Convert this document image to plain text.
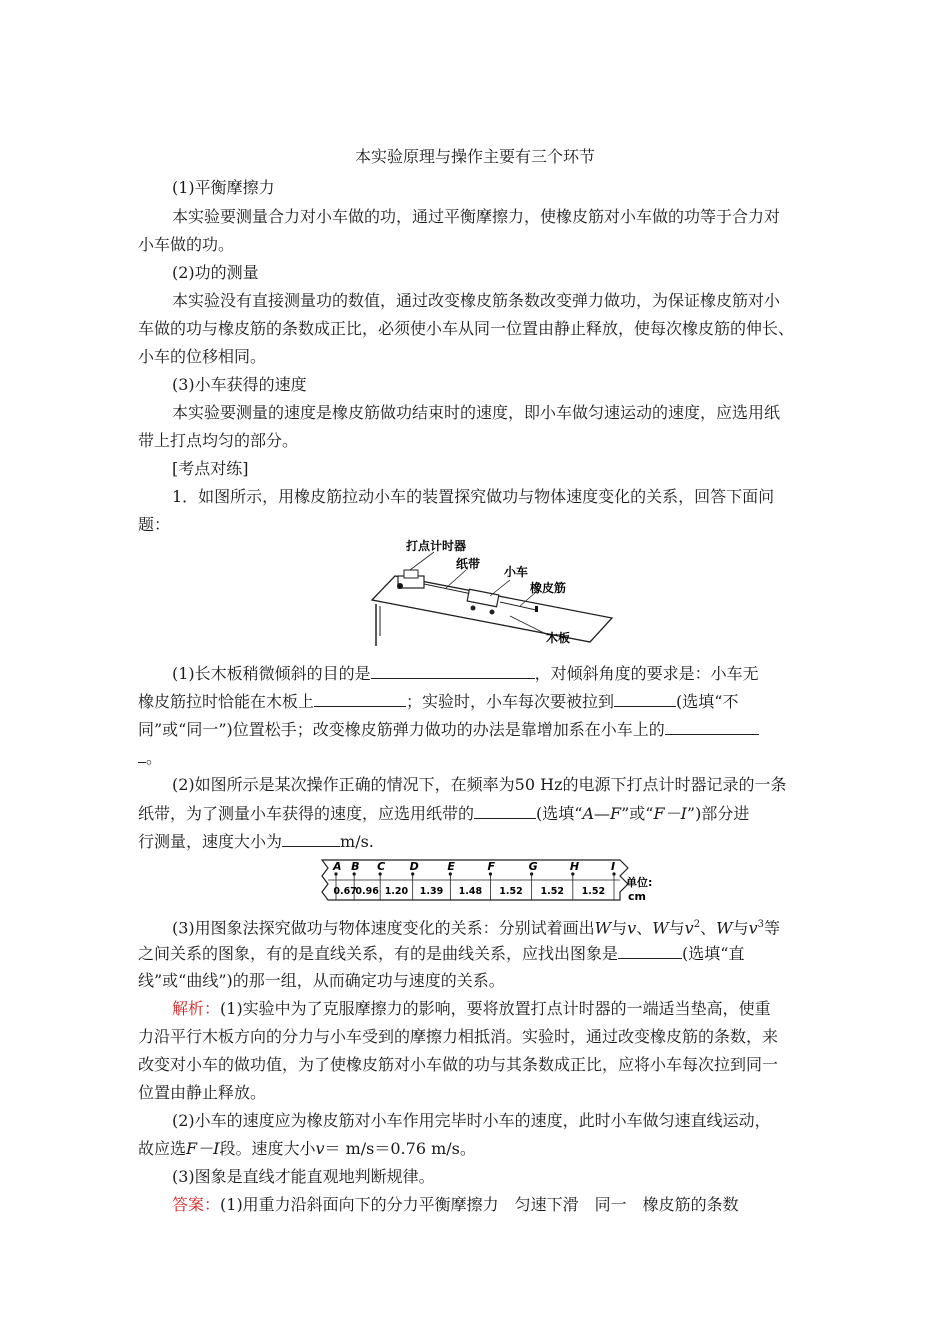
本实验原理与操作主要有三个环节
(1)平衡摩擦力
本实验要测量合力对小车做的功，通过平衡摩擦力，使橡皮筋对小车做的功等于合力对
小车做的功。
(2)功的测量
本实验没有直接测量功的数值，通过改变橡皮筋条数改变弹力做功，为保证橡皮筋对小
车做的功与橡皮筋的条数成正比，必须使小车从同一位置由静止释放，使每次橡皮筋的伸长、
小车的位移相同。
(3)小车获得的速度
本实验要测量的速度是橡皮筋做功结束时的速度，即小车做匀速运动的速度，应选用纸
带上打点均匀的部分。
[考点对练]
1．如图所示，用橡皮筋拉动小车的装置探究做功与物体速度变化的关系，回答下面问
题：
打点计时器
纸带
小车
橡皮筋
木板
(1)长木板稍微倾斜的目的是	，对倾斜角度的要求是：小车无
橡皮筋拉时恰能在木板上	；实验时，小车每次要被拉到	(选填“不
同”或“同一”)位置松手；改变橡皮筋弹力做功的办法是靠增加系在小车上的
。
(2)如图所示是某次操作正确的情况下，在频率为50 Hz的电源下打点计时器记录的一条
纸带，为了测量小车获得的速度，应选用纸带的	(选填“A—F”或“F－I”)部分进
行测量，速度大小为	m/s.
A B C D	E	F	G	H	I
0.67
0.96 1.20 1.39 1.48 1.52 1.52 1.52
单位:
cm
(3)用图象法探究做功与物体速度变化的关系：分别试着画出W与v、W与$v^2$、W与$v^3$等
之间关系的图象，有的是直线关系，有的是曲线关系，应找出图象是	(选填“直
线”或“曲线”)的那一组，从而确定功与速度的关系。
解析：(1)实验中为了克服摩擦力的影响，要将放置打点计时器的一端适当垫高，使重
力沿平行木板方向的分力与小车受到的摩擦力相抵消。实验时，通过改变橡皮筋的条数，来
改变对小车的做功值，为了使橡皮筋对小车做的功与其条数成正比，应将小车每次拉到同一
位置由静止释放。
(2)小车的速度应为橡皮筋对小车作用完毕时小车的速度，此时小车做匀速直线运动，
故应选F－I段。速度大小v＝ m/s＝0.76 m/s。
(3)图象是直线才能直观地判断规律。
答案：(1)用重力沿斜面向下的分力平衡摩擦力　匀速下滑　同一　橡皮筋的条数
